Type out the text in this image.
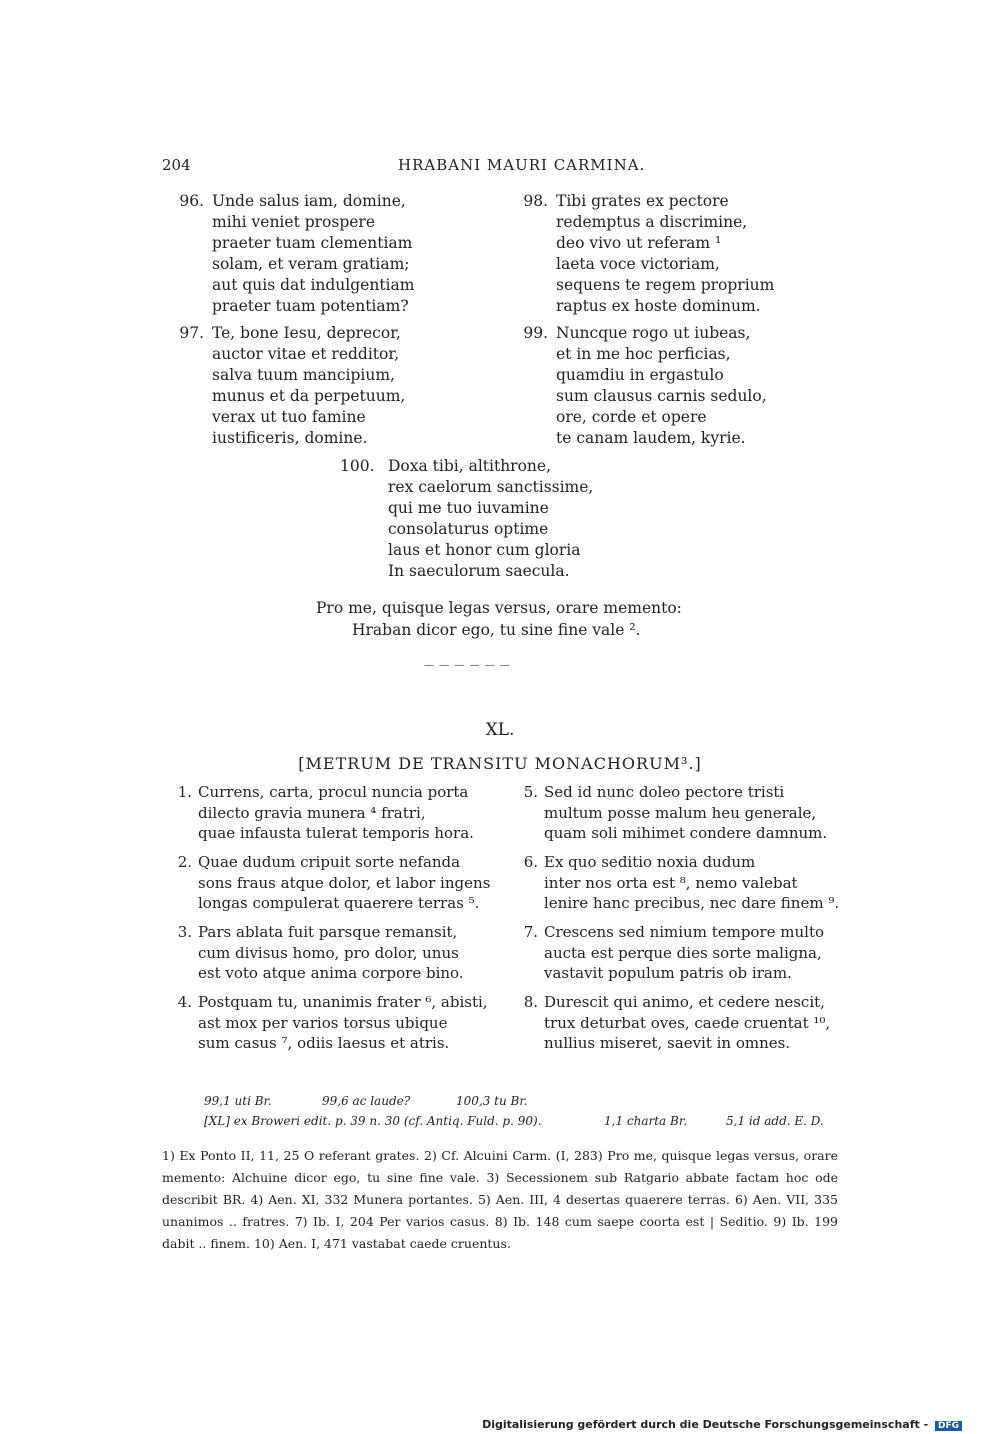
204	HRABANI MAURI CARMINA.
96. Unde salus iam, domine,
mihi veniet prospere
praeter tuam clementiam
solam, et veram gratiam;
aut quis dat indulgentiam
praeter tuam potentiam?
97. Te, bone Iesu, deprecor,
auctor vitae et redditor,
salva tuum mancipium,
munus et da perpetuum,
verax ut tuo famine
iustificeris, domine.
98. Tibi grates ex pectore
redemptus a discrimine,
deo vivo ut referam ¹
laeta voce victoriam,
sequens te regem proprium
raptus ex hoste dominum.
99. Nuncque rogo ut iubeas,
et in me hoc perficias,
quamdiu in ergastulo
sum clausus carnis sedulo,
ore, corde et opere
te canam laudem, kyrie.
100. Doxa tibi, altithrone,
rex caelorum sanctissime,
qui me tuo iuvamine
consolaturus optime
laus et honor cum gloria
In saeculorum saecula.
Pro me, quisque legas versus, orare memento:
Hraban dicor ego, tu sine fine vale ².
— — — — — —
XL.
[METRUM DE TRANSITU MONACHORUM³.]
1. Currens, carta, procul nuncia porta
dilecto gravia munera ⁴ fratri,
quae infausta tulerat temporis hora.
2. Quae dudum cripuit sorte nefanda
sons fraus atque dolor, et labor ingens
longas compulerat quaerere terras ⁵.
3. Pars ablata fuit parsque remansit,
cum divisus homo, pro dolor, unus
est voto atque anima corpore bino.
4. Postquam tu, unanimis frater ⁶, abisti,
ast mox per varios torsus ubique
sum casus ⁷, odiis laesus et atris.
5. Sed id nunc doleo pectore tristi
multum posse malum heu generale,
quam soli mihimet condere damnum.
6. Ex quo seditio noxia dudum
inter nos orta est ⁸, nemo valebat
lenire hanc precibus, nec dare finem ⁹.
7. Crescens sed nimium tempore multo
aucta est perque dies sorte maligna,
vastavit populum patris ob iram.
8. Durescit qui animo, et cedere nescit,
trux deturbat oves, caede cruentat ¹⁰,
nullius miseret, saevit in omnes.
99,1 uti Br.	99,6 ac laude?	100,3 tu Br.
[XL] ex Broweri edit. p. 39 n. 30 (cf. Antiq. Fuld. p. 90).	1,1 charta Br.	5,1 id add. E. D.
1) Ex Ponto II, 11, 25 O referant grates. 2) Cf. Alcuini Carm. (I, 283) Pro me, quisque legas versus, orare memento: Alchuine dicor ego, tu sine fine vale. 3) Secessionem sub Ratgario abbate factam hoc ode describit BR. 4) Aen. XI, 332 Munera portantes. 5) Aen. III, 4 desertas quaerere terras. 6) Aen. VII, 335 unanimos .. fratres. 7) Ib. I, 204 Per varios casus. 8) Ib. 148 cum saepe coorta est | Seditio. 9) Ib. 199 dabit .. finem. 10) Aen. I, 471 vastabat caede cruentus.
Digitalisierung gefördert durch die Deutsche Forschungsgemeinschaft - DFG
